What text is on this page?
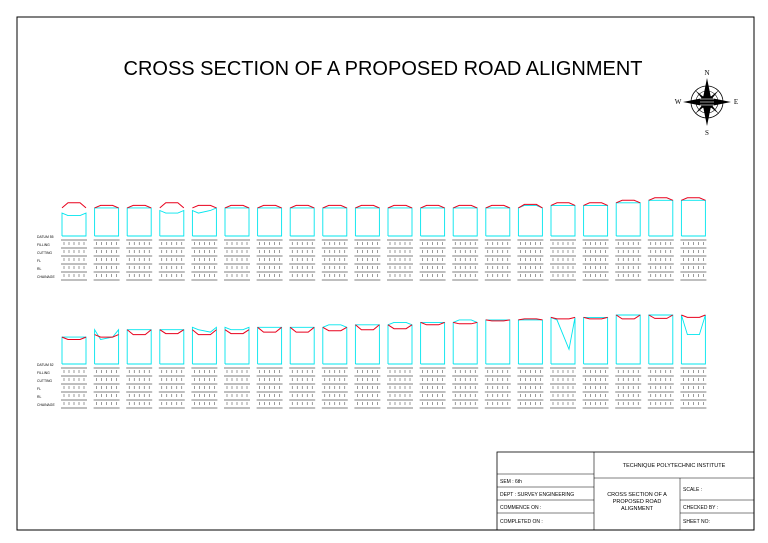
CROSS SECTION OF A PROPOSED ROAD ALIGNMENT	N
S
E
W
DATUM 55
FILLING
CUTTING
FL
RL
CHAINAGE
DATUM 52
FILLING
CUTTING
FL
RL
CHAINAGE
TECHNIQUE POLYTECHNIC INSTITUTE
SEM : 6th
DEPT : SURVEY ENGINEERING
COMMENCE ON :
COMPLETED ON :
CROSS SECTION OF A
PROPOSED ROAD
ALIGNMENT
SCALE :
CHECKED BY :
SHEET NO:
